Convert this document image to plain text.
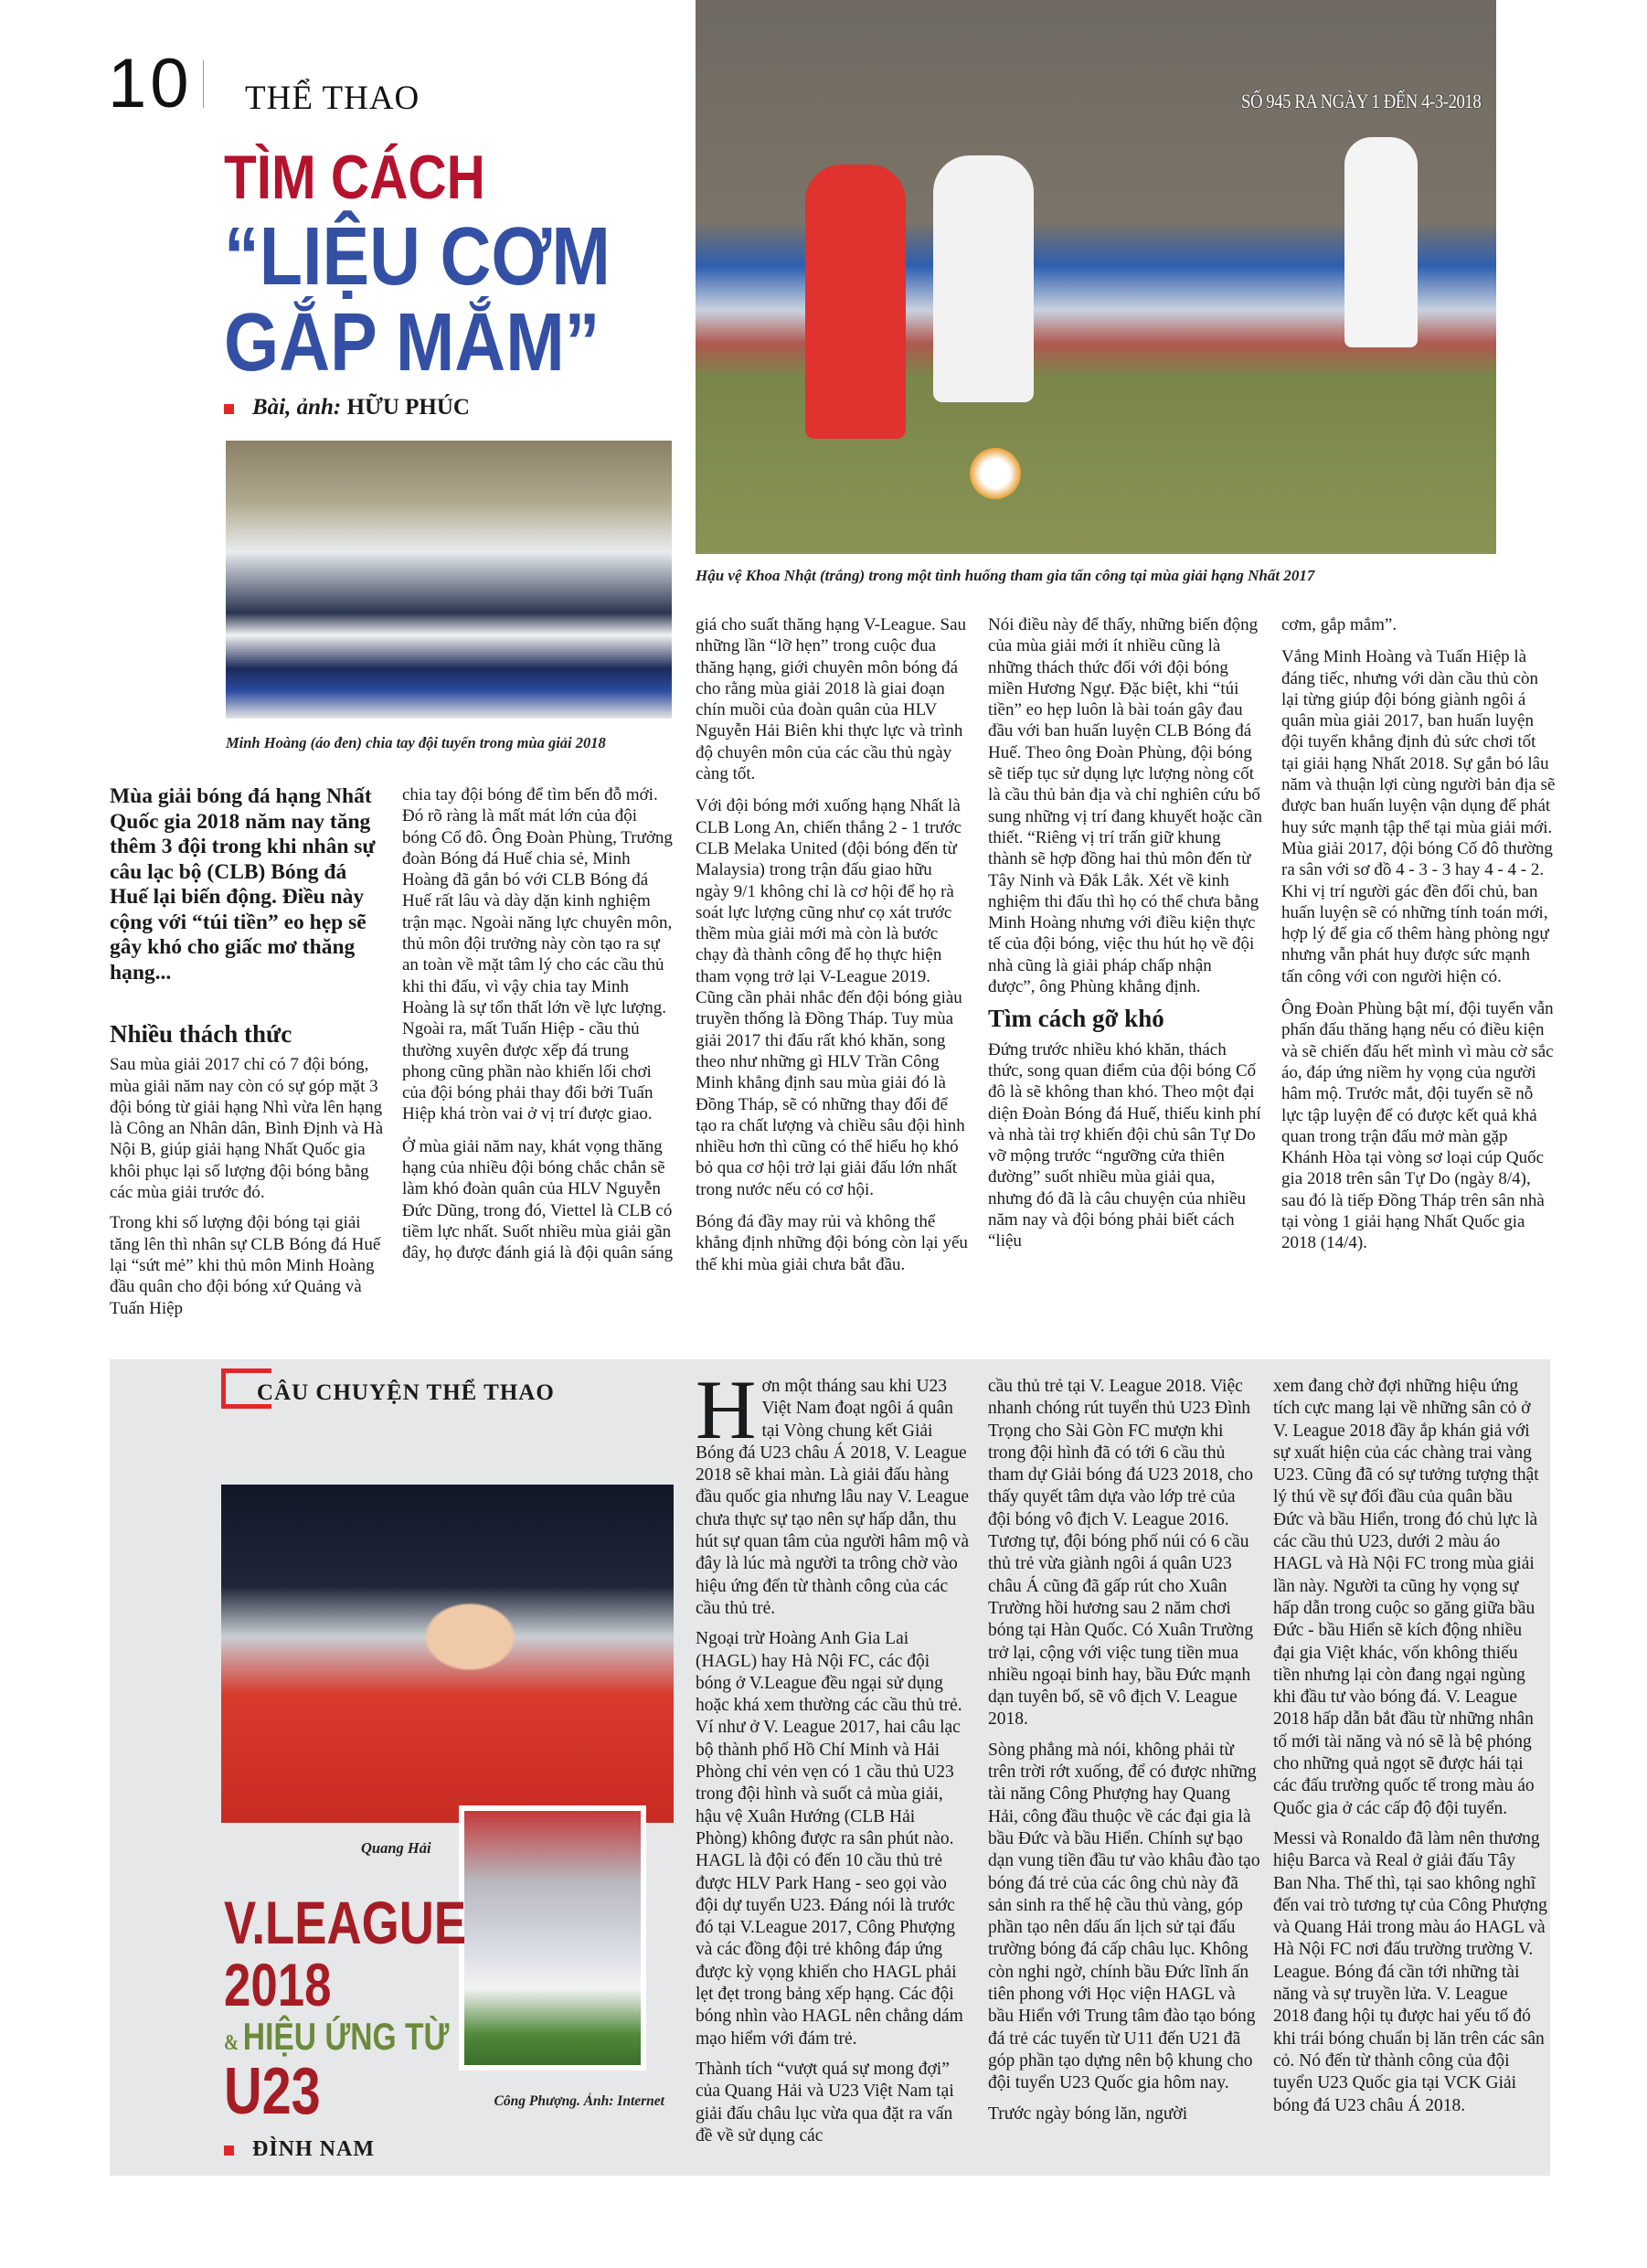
10 THỂ THAO	SỐ 945 RA NGÀY 1 ĐẾN 4-3-2018
Hậu vệ Khoa Nhật (trắng) trong một tình huống tham gia tấn công tại mùa giải hạng Nhất 2017
TÌM CÁCH
“LIỆU CƠM
GẮP MẮM”
Bài, ảnh: HỮU PHÚC
Minh Hoàng (áo đen) chia tay đội tuyển trong mùa giải 2018
Mùa giải bóng đá hạng Nhất Quốc gia 2018 năm nay tăng thêm 3 đội trong khi nhân sự câu lạc bộ (CLB) Bóng đá Huế lại biến động. Điều này cộng với “túi tiền” eo hẹp sẽ gây khó cho giấc mơ thăng hạng...
Nhiều thách thức

Sau mùa giải 2017 chỉ có 7 đội bóng, mùa giải năm nay còn có sự góp mặt 3 đội bóng từ giải hạng Nhì vừa lên hạng là Công an Nhân dân, Bình Định và Hà Nội B, giúp giải hạng Nhất Quốc gia khôi phục lại số lượng đội bóng bằng các mùa giải trước đó.

Trong khi số lượng đội bóng tại giải tăng lên thì nhân sự CLB Bóng đá Huế lại “sứt mẻ” khi thủ môn Minh Hoàng đầu quân cho đội bóng xứ Quảng và Tuấn Hiệp

chia tay đội bóng để tìm bến đỗ mới. Đó rõ ràng là mất mát lớn của đội bóng Cố đô. Ông Đoàn Phùng, Trưởng đoàn Bóng đá Huế chia sẻ, Minh Hoàng đã gắn bó với CLB Bóng đá Huế rất lâu và dày dặn kinh nghiệm trận mạc. Ngoài năng lực chuyên môn, thủ môn đội trưởng này còn tạo ra sự an toàn về mặt tâm lý cho các cầu thủ khi thi đấu, vì vậy chia tay Minh Hoàng là sự tổn thất lớn về lực lượng. Ngoài ra, mất Tuấn Hiệp - cầu thủ thường xuyên được xếp đá trung phong cũng phần nào khiến lối chơi của đội bóng phải thay đổi bởi Tuấn Hiệp khá tròn vai ở vị trí được giao.

Ở mùa giải năm nay, khát vọng thăng hạng của nhiều đội bóng chắc chắn sẽ làm khó đoàn quân của HLV Nguyễn Đức Dũng, trong đó, Viettel là CLB có tiềm lực nhất. Suốt nhiều mùa giải gần đây, họ được đánh giá là đội quân sáng

giá cho suất thăng hạng V-League. Sau những lần “lỡ hẹn” trong cuộc đua thăng hạng, giới chuyên môn bóng đá cho rằng mùa giải 2018 là giai đoạn chín muồi của đoàn quân của HLV Nguyễn Hải Biên khi thực lực và trình độ chuyên môn của các cầu thủ ngày càng tốt.

Với đội bóng mới xuống hạng Nhất là CLB Long An, chiến thắng 2 - 1 trước CLB Melaka United (đội bóng đến từ Malaysia) trong trận đấu giao hữu ngày 9/1 không chỉ là cơ hội để họ rà soát lực lượng cũng như cọ xát trước thềm mùa giải mới mà còn là bước chạy đà thành công để họ thực hiện tham vọng trở lại V-League 2019. Cũng cần phải nhắc đến đội bóng giàu truyền thống là Đồng Tháp. Tuy mùa giải 2017 thi đấu rất khó khăn, song theo như những gì HLV Trần Công Minh khẳng định sau mùa giải đó là Đồng Tháp, sẽ có những thay đổi để tạo ra chất lượng và chiều sâu đội hình nhiều hơn thì cũng có thể hiểu họ khó bỏ qua cơ hội trở lại giải đấu lớn nhất trong nước nếu có cơ hội.

Bóng đá đầy may rủi và không thể khẳng định những đội bóng còn lại yếu thế khi mùa giải chưa bắt đầu.

Nói điều này để thấy, những biến động của mùa giải mới ít nhiều cũng là những thách thức đối với đội bóng miền Hương Ngự. Đặc biệt, khi “túi tiền” eo hẹp luôn là bài toán gây đau đầu với ban huấn luyện CLB Bóng đá Huế. Theo ông Đoàn Phùng, đội bóng sẽ tiếp tục sử dụng lực lượng nòng cốt là cầu thủ bản địa và chỉ nghiên cứu bổ sung những vị trí đang khuyết hoặc cần thiết. “Riêng vị trí trấn giữ khung thành sẽ hợp đồng hai thủ môn đến từ Tây Ninh và Đắk Lắk. Xét về kinh nghiệm thi đấu thì họ có thể chưa bằng Minh Hoàng nhưng với điều kiện thực tế của đội bóng, việc thu hút họ về đội nhà cũng là giải pháp chấp nhận được”, ông Phùng khẳng định.

Tìm cách gỡ khó

Đứng trước nhiều khó khăn, thách thức, song quan điểm của đội bóng Cố đô là sẽ không than khó. Theo một đại diện Đoàn Bóng đá Huế, thiếu kinh phí và nhà tài trợ khiến đội chủ sân Tự Do vỡ mộng trước “ngưỡng cửa thiên đường” suốt nhiều mùa giải qua, nhưng đó đã là câu chuyện của nhiều năm nay và đội bóng phải biết cách “liệu

cơm, gắp mắm”.

Vắng Minh Hoàng và Tuấn Hiệp là đáng tiếc, nhưng với dàn cầu thủ còn lại từng giúp đội bóng giành ngôi á quân mùa giải 2017, ban huấn luyện đội tuyển khẳng định đủ sức chơi tốt tại giải hạng Nhất 2018. Sự gắn bó lâu năm và thuận lợi cùng người bản địa sẽ được ban huấn luyện vận dụng để phát huy sức mạnh tập thể tại mùa giải mới. Mùa giải 2017, đội bóng Cố đô thường ra sân với sơ đồ 4 - 3 - 3 hay 4 - 4 - 2. Khi vị trí người gác đền đổi chủ, ban huấn luyện sẽ có những tính toán mới, hợp lý để gia cố thêm hàng phòng ngự nhưng vẫn phát huy được sức mạnh tấn công với con người hiện có.

Ông Đoàn Phùng bật mí, đội tuyển vẫn phấn đấu thăng hạng nếu có điều kiện và sẽ chiến đấu hết mình vì màu cờ sắc áo, đáp ứng niềm hy vọng của người hâm mộ. Trước mắt, đội tuyển sẽ nỗ lực tập luyện để có được kết quả khả quan trong trận đấu mở màn gặp Khánh Hòa tại vòng sơ loại cúp Quốc gia 2018 trên sân Tự Do (ngày 8/4), sau đó là tiếp Đồng Tháp trên sân nhà tại vòng 1 giải hạng Nhất Quốc gia 2018 (14/4).

CÂU CHUYỆN THỂ THAO
Quang Hải
Công Phượng. Ảnh: Internet
V.LEAGUE
2018
& HIỆU ỨNG TỪ
U23
ĐÌNH NAM

Hơn một tháng sau khi U23 Việt Nam đoạt ngôi á quân tại Vòng chung kết Giải Bóng đá U23 châu Á 2018, V. League 2018 sẽ khai màn. Là giải đấu hàng đầu quốc gia nhưng lâu nay V. League chưa thực sự tạo nên sự hấp dẫn, thu hút sự quan tâm của người hâm mộ và đây là lúc mà người ta trông chờ vào hiệu ứng đến từ thành công của các cầu thủ trẻ.

Ngoại trừ Hoàng Anh Gia Lai (HAGL) hay Hà Nội FC, các đội bóng ở V.League đều ngại sử dụng hoặc khá xem thường các cầu thủ trẻ. Ví như ở V. League 2017, hai câu lạc bộ thành phố Hồ Chí Minh và Hải Phòng chỉ vẻn vẹn có 1 cầu thủ U23 trong đội hình và suốt cả mùa giải, hậu vệ Xuân Hướng (CLB Hải Phòng) không được ra sân phút nào. HAGL là đội có đến 10 cầu thủ trẻ được HLV Park Hang - seo gọi vào đội dự tuyển U23. Đáng nói là trước đó tại V.League 2017, Công Phượng và các đồng đội trẻ không đáp ứng được kỳ vọng khiến cho HAGL phải lẹt đẹt trong bảng xếp hạng. Các đội bóng nhìn vào HAGL nên chẳng dám mạo hiểm với đám trẻ.

Thành tích “vượt quá sự mong đợi” của Quang Hải và U23 Việt Nam tại giải đấu châu lục vừa qua đặt ra vấn đề về sử dụng các

cầu thủ trẻ tại V. League 2018. Việc nhanh chóng rút tuyển thủ U23 Đình Trọng cho Sài Gòn FC mượn khi trong đội hình đã có tới 6 cầu thủ tham dự Giải bóng đá U23 2018, cho thấy quyết tâm dựa vào lớp trẻ của đội bóng vô địch V. League 2016. Tương tự, đội bóng phố núi có 6 cầu thủ trẻ vừa giành ngôi á quân U23 châu Á cũng đã gấp rút cho Xuân Trường hồi hương sau 2 năm chơi bóng tại Hàn Quốc. Có Xuân Trường trở lại, cộng với việc tung tiền mua nhiều ngoại binh hay, bầu Đức mạnh dạn tuyên bố, sẽ vô địch V. League 2018.

Sòng phẳng mà nói, không phải từ trên trời rớt xuống, để có được những tài năng Công Phượng hay Quang Hải, công đầu thuộc về các đại gia là bầu Đức và bầu Hiển. Chính sự bạo dạn vung tiền đầu tư vào khâu đào tạo bóng đá trẻ của các ông chủ này đã sản sinh ra thế hệ cầu thủ vàng, góp phần tạo nên dấu ấn lịch sử tại đấu trường bóng đá cấp châu lục. Không còn nghi ngờ, chính bầu Đức lĩnh ấn tiên phong với Học viện HAGL và bầu Hiển với Trung tâm đào tạo bóng đá trẻ các tuyến từ U11 đến U21 đã góp phần tạo dựng nên bộ khung cho đội tuyển U23 Quốc gia hôm nay.

Trước ngày bóng lăn, người

xem đang chờ đợi những hiệu ứng tích cực mang lại về những sân cỏ ở V. League 2018 đầy ắp khán giả với sự xuất hiện của các chàng trai vàng U23. Cũng đã có sự tưởng tượng thật lý thú về sự đối đầu của quân bầu Đức và bầu Hiển, trong đó chủ lực là các cầu thủ U23, dưới 2 màu áo HAGL và Hà Nội FC trong mùa giải lần này. Người ta cũng hy vọng sự hấp dẫn trong cuộc so găng giữa bầu Đức - bầu Hiển sẽ kích động nhiều đại gia Việt khác, vốn không thiếu tiền nhưng lại còn đang ngại ngùng khi đầu tư vào bóng đá. V. League 2018 hấp dẫn bắt đầu từ những nhân tố mới tài năng và nó sẽ là bệ phóng cho những quả ngọt sẽ được hái tại các đấu trường quốc tế trong màu áo Quốc gia ở các cấp độ đội tuyển.

Messi và Ronaldo đã làm nên thương hiệu Barca và Real ở giải đấu Tây Ban Nha. Thế thì, tại sao không nghĩ đến vai trò tương tự của Công Phượng và Quang Hải trong màu áo HAGL và Hà Nội FC nơi đấu trường trường V. League. Bóng đá cần tới những tài năng và sự truyền lửa. V. League 2018 đang hội tụ được hai yếu tố đó khi trái bóng chuẩn bị lăn trên các sân cỏ. Nó đến từ thành công của đội tuyển U23 Quốc gia tại VCK Giải bóng đá U23 châu Á 2018.
